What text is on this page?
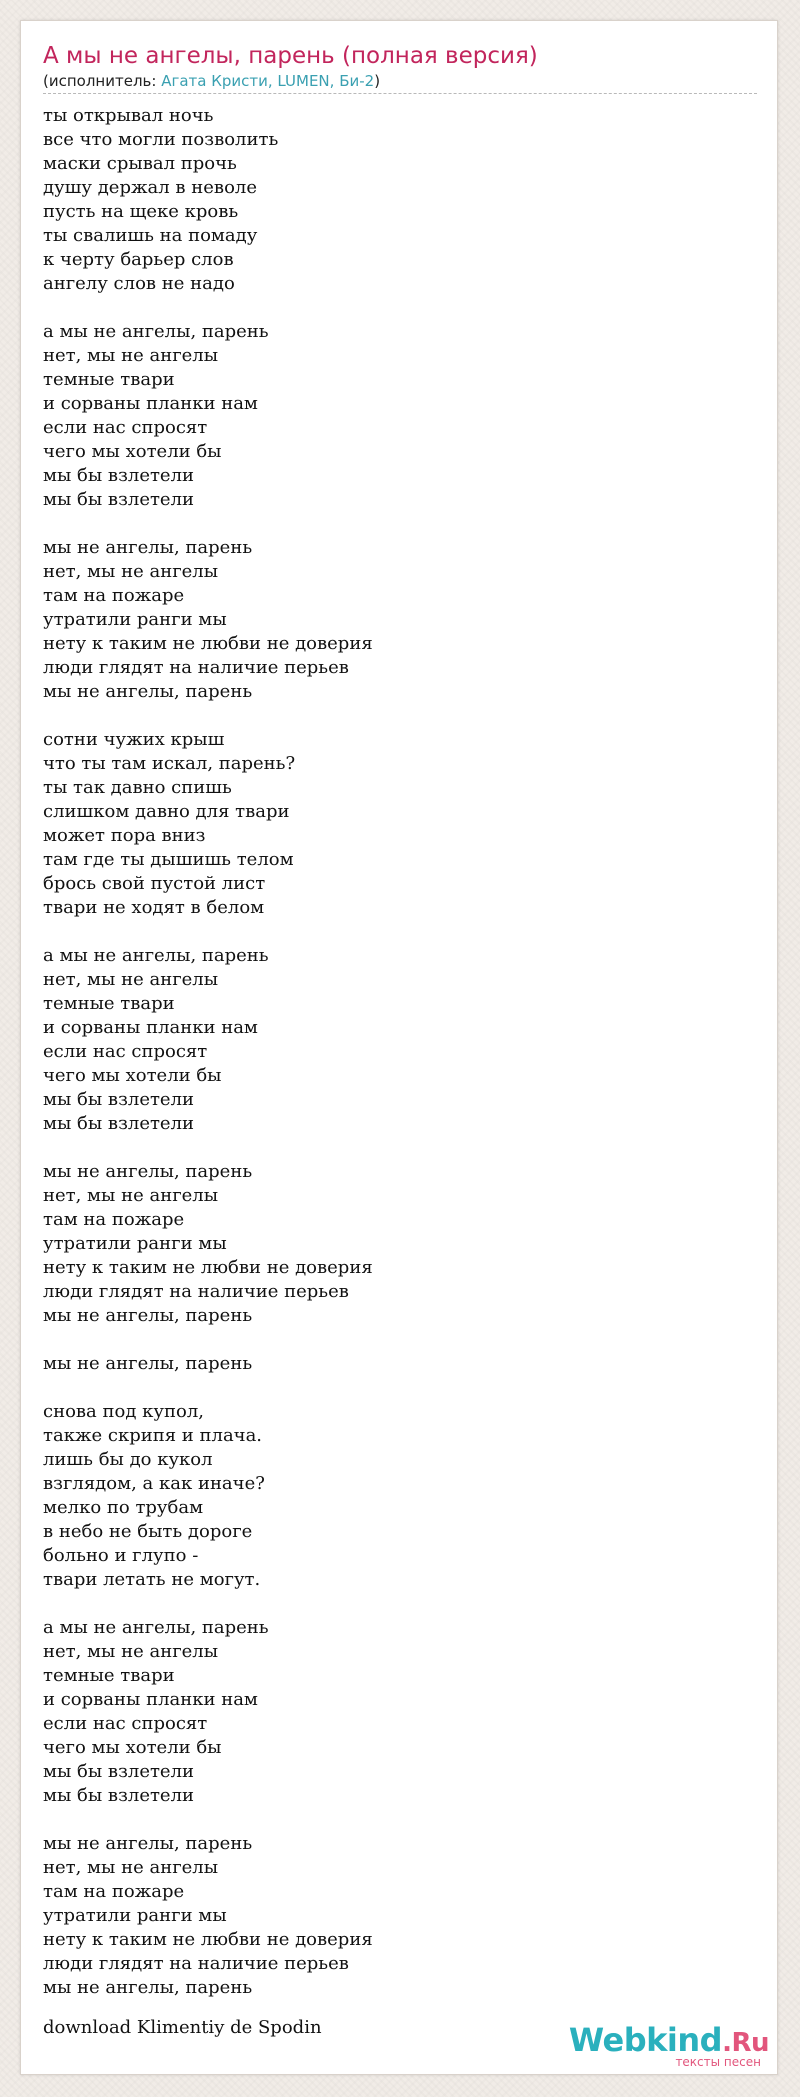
А мы не ангелы, парень (полная версия)
(исполнитель: Агата Кристи, LUMEN, Би-2)
ты открывал ночь
все что могли позволить
маски срывал прочь
душу держал в неволе
пусть на щеке кровь
ты свалишь на помаду
к черту барьер слов
ангелу слов не надо
а мы не ангелы, парень
нет, мы не ангелы
темные твари
и сорваны планки нам
если нас спросят
чего мы хотели бы
мы бы взлетели
мы бы взлетели
мы не ангелы, парень
нет, мы не ангелы
там на пожаре
утратили ранги мы
нету к таким не любви не доверия
люди глядят на наличие перьев
мы не ангелы, парень
сотни чужих крыш
что ты там искал, парень?
ты так давно спишь
слишком давно для твари
может пора вниз
там где ты дышишь телом
брось свой пустой лист
твари не ходят в белом
а мы не ангелы, парень
нет, мы не ангелы
темные твари
и сорваны планки нам
если нас спросят
чего мы хотели бы
мы бы взлетели
мы бы взлетели
мы не ангелы, парень
нет, мы не ангелы
там на пожаре
утратили ранги мы
нету к таким не любви не доверия
люди глядят на наличие перьев
мы не ангелы, парень
мы не ангелы, парень
снова под купол,
также скрипя и плача.
лишь бы до кукол
взглядом, а как иначе?
мелко по трубам
в небо не быть дороге
больно и глупо -
твари летать не могут.
а мы не ангелы, парень
нет, мы не ангелы
темные твари
и сорваны планки нам
если нас спросят
чего мы хотели бы
мы бы взлетели
мы бы взлетели
мы не ангелы, парень
нет, мы не ангелы
там на пожаре
утратили ранги мы
нету к таким не любви не доверия
люди глядят на наличие перьев
мы не ангелы, парень
download Klimentiy de Spodin	Webkind.Ru
тексты песен
